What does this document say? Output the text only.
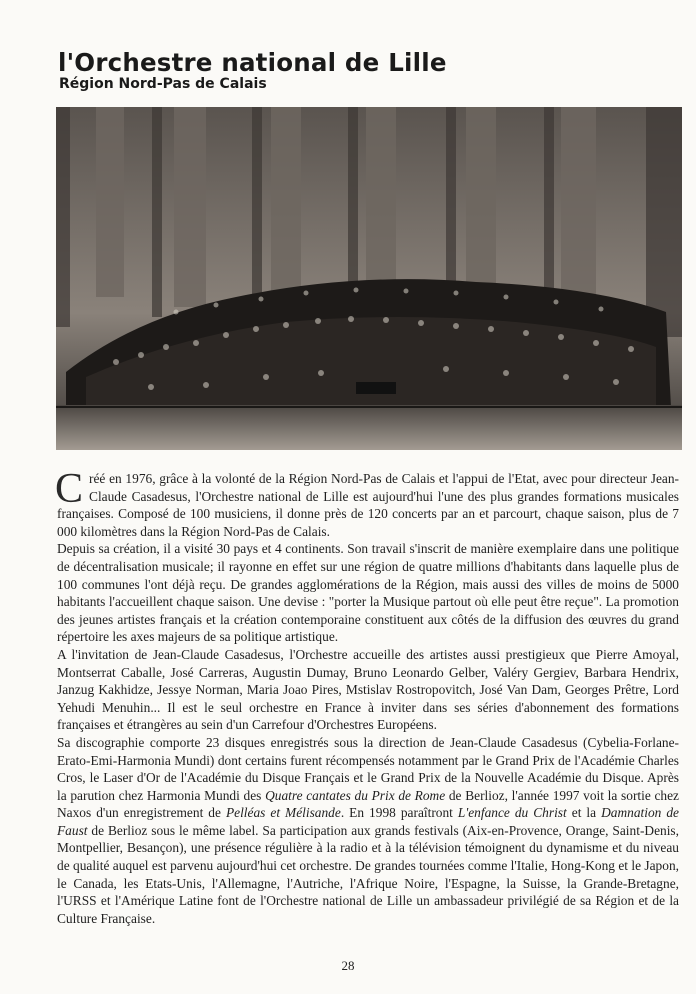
l'Orchestre national de Lille
Région Nord-Pas de Calais

Créé en 1976, grâce à la volonté de la Région Nord-Pas de Calais et l'appui de l'Etat, avec pour directeur Jean-Claude Casadesus, l'Orchestre national de Lille est aujourd'hui l'une des plus grandes formations musicales françaises. Composé de 100 musiciens, il donne près de 120 concerts par an et parcourt, chaque saison, plus de 7 000 kilomètres dans la Région Nord-Pas de Calais.

Depuis sa création, il a visité 30 pays et 4 continents. Son travail s'inscrit de manière exemplaire dans une politique de décentralisation musicale; il rayonne en effet sur une région de quatre millions d'habitants dans laquelle plus de 100 communes l'ont déjà reçu. De grandes agglomérations de la Région, mais aussi des villes de moins de 5000 habitants l'accueillent chaque saison. Une devise : "porter la Musique partout où elle peut être reçue". La promotion des jeunes artistes français et la création contemporaine constituent aux côtés de la diffusion des œuvres du grand répertoire les axes majeurs de sa politique artistique.

A l'invitation de Jean-Claude Casadesus, l'Orchestre accueille des artistes aussi prestigieux que Pierre Amoyal, Montserrat Caballe, José Carreras, Augustin Dumay, Bruno Leonardo Gelber, Valéry Gergiev, Barbara Hendrix, Janzug Kakhidze, Jessye Norman, Maria Joao Pires, Mstislav Rostropovitch, José Van Dam, Georges Prêtre, Lord Yehudi Menuhin... Il est le seul orchestre en France à inviter dans ses séries d'abonnement des formations françaises et étrangères au sein d'un Carrefour d'Orchestres Européens.

Sa discographie comporte 23 disques enregistrés sous la direction de Jean-Claude Casadesus (Cybelia-Forlane-Erato-Emi-Harmonia Mundi) dont certains furent récompensés notamment par le Grand Prix de l'Académie Charles Cros, le Laser d'Or de l'Académie du Disque Français et le Grand Prix de la Nouvelle Académie du Disque. Après la parution chez Harmonia Mundi des Quatre cantates du Prix de Rome de Berlioz, l'année 1997 voit la sortie chez Naxos d'un enregistrement de Pelléas et Mélisande. En 1998 paraîtront L'enfance du Christ et la Damnation de Faust de Berlioz sous le même label. Sa participation aux grands festivals (Aix-en-Provence, Orange, Saint-Denis, Montpellier, Besançon), une présence régulière à la radio et à la télévision témoignent du dynamisme et du niveau de qualité auquel est parvenu aujourd'hui cet orchestre. De grandes tournées comme l'Italie, Hong-Kong et le Japon, le Canada, les Etats-Unis, l'Allemagne, l'Autriche, l'Afrique Noire, l'Espagne, la Suisse, la Grande-Bretagne, l'URSS et l'Amérique Latine font de l'Orchestre national de Lille un ambassadeur privilégié de sa Région et de la Culture Française.

28
